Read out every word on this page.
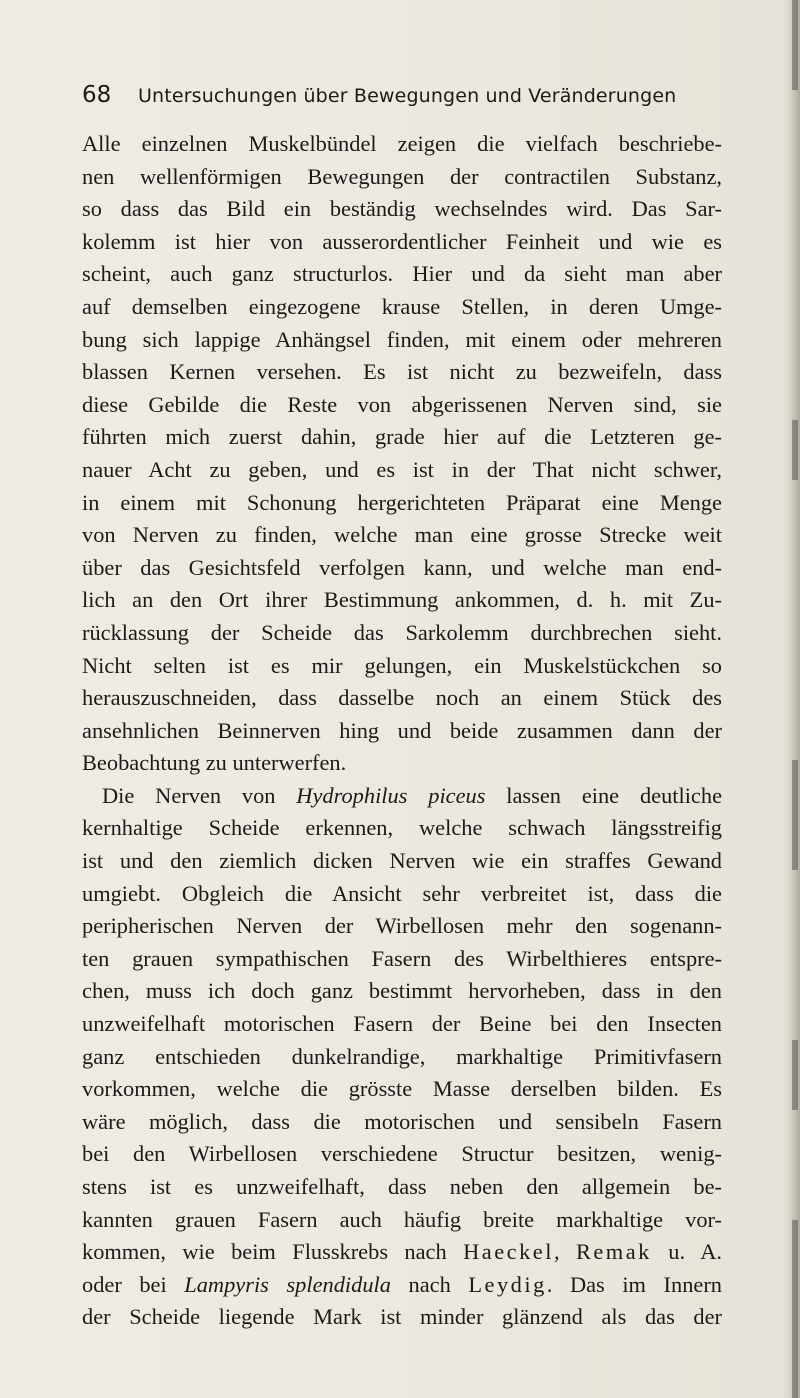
68	Untersuchungen über Bewegungen und Veränderungen
Alle einzelnen Muskelbündel zeigen die vielfach beschriebe-
nen wellenförmigen Bewegungen der contractilen Substanz,
so dass das Bild ein beständig wechselndes wird. Das Sar-
kolemm ist hier von ausserordentlicher Feinheit und wie es
scheint, auch ganz structurlos. Hier und da sieht man aber
auf demselben eingezogene krause Stellen, in deren Umge-
bung sich lappige Anhängsel finden, mit einem oder mehreren
blassen Kernen versehen. Es ist nicht zu bezweifeln, dass
diese Gebilde die Reste von abgerissenen Nerven sind, sie
führten mich zuerst dahin, grade hier auf die Letzteren ge-
nauer Acht zu geben, und es ist in der That nicht schwer,
in einem mit Schonung hergerichteten Präparat eine Menge
von Nerven zu finden, welche man eine grosse Strecke weit
über das Gesichtsfeld verfolgen kann, und welche man end-
lich an den Ort ihrer Bestimmung ankommen, d. h. mit Zu-
rücklassung der Scheide das Sarkolemm durchbrechen sieht.
Nicht selten ist es mir gelungen, ein Muskelstückchen so
herauszuschneiden, dass dasselbe noch an einem Stück des
ansehnlichen Beinnerven hing und beide zusammen dann der
Beobachtung zu unterwerfen.
Die Nerven von Hydrophilus piceus lassen eine deutliche
kernhaltige Scheide erkennen, welche schwach längsstreifig
ist und den ziemlich dicken Nerven wie ein straffes Gewand
umgiebt. Obgleich die Ansicht sehr verbreitet ist, dass die
peripherischen Nerven der Wirbellosen mehr den sogenann-
ten grauen sympathischen Fasern des Wirbelthieres entspre-
chen, muss ich doch ganz bestimmt hervorheben, dass in den
unzweifelhaft motorischen Fasern der Beine bei den Insecten
ganz entschieden dunkelrandige, markhaltige Primitivfasern
vorkommen, welche die grösste Masse derselben bilden. Es
wäre möglich, dass die motorischen und sensibeln Fasern
bei den Wirbellosen verschiedene Structur besitzen, wenig-
stens ist es unzweifelhaft, dass neben den allgemein be-
kannten grauen Fasern auch häufig breite markhaltige vor-
kommen, wie beim Flusskrebs nach Haeckel, Remak u. A.
oder bei Lampyris splendidula nach Leydig. Das im Innern
der Scheide liegende Mark ist minder glänzend als das der
